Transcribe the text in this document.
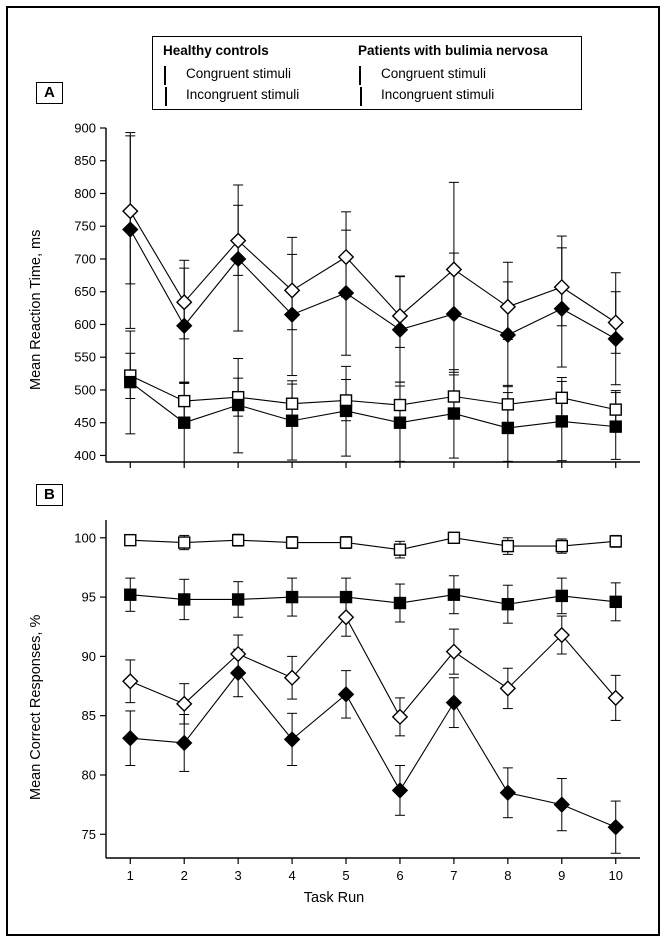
Healthy controls
Congruent stimuli
Incongruent stimuli
Patients with bulimia nervosa
Congruent stimuli
Incongruent stimuli
A
B
Mean Reaction Time, ms
Mean Correct Responses, %
Task Run
400
450
500
550
600
650
700
750
800
850
900
75
80
85
90
95
100
1	2	3	4	5	6	7	8	9	10
